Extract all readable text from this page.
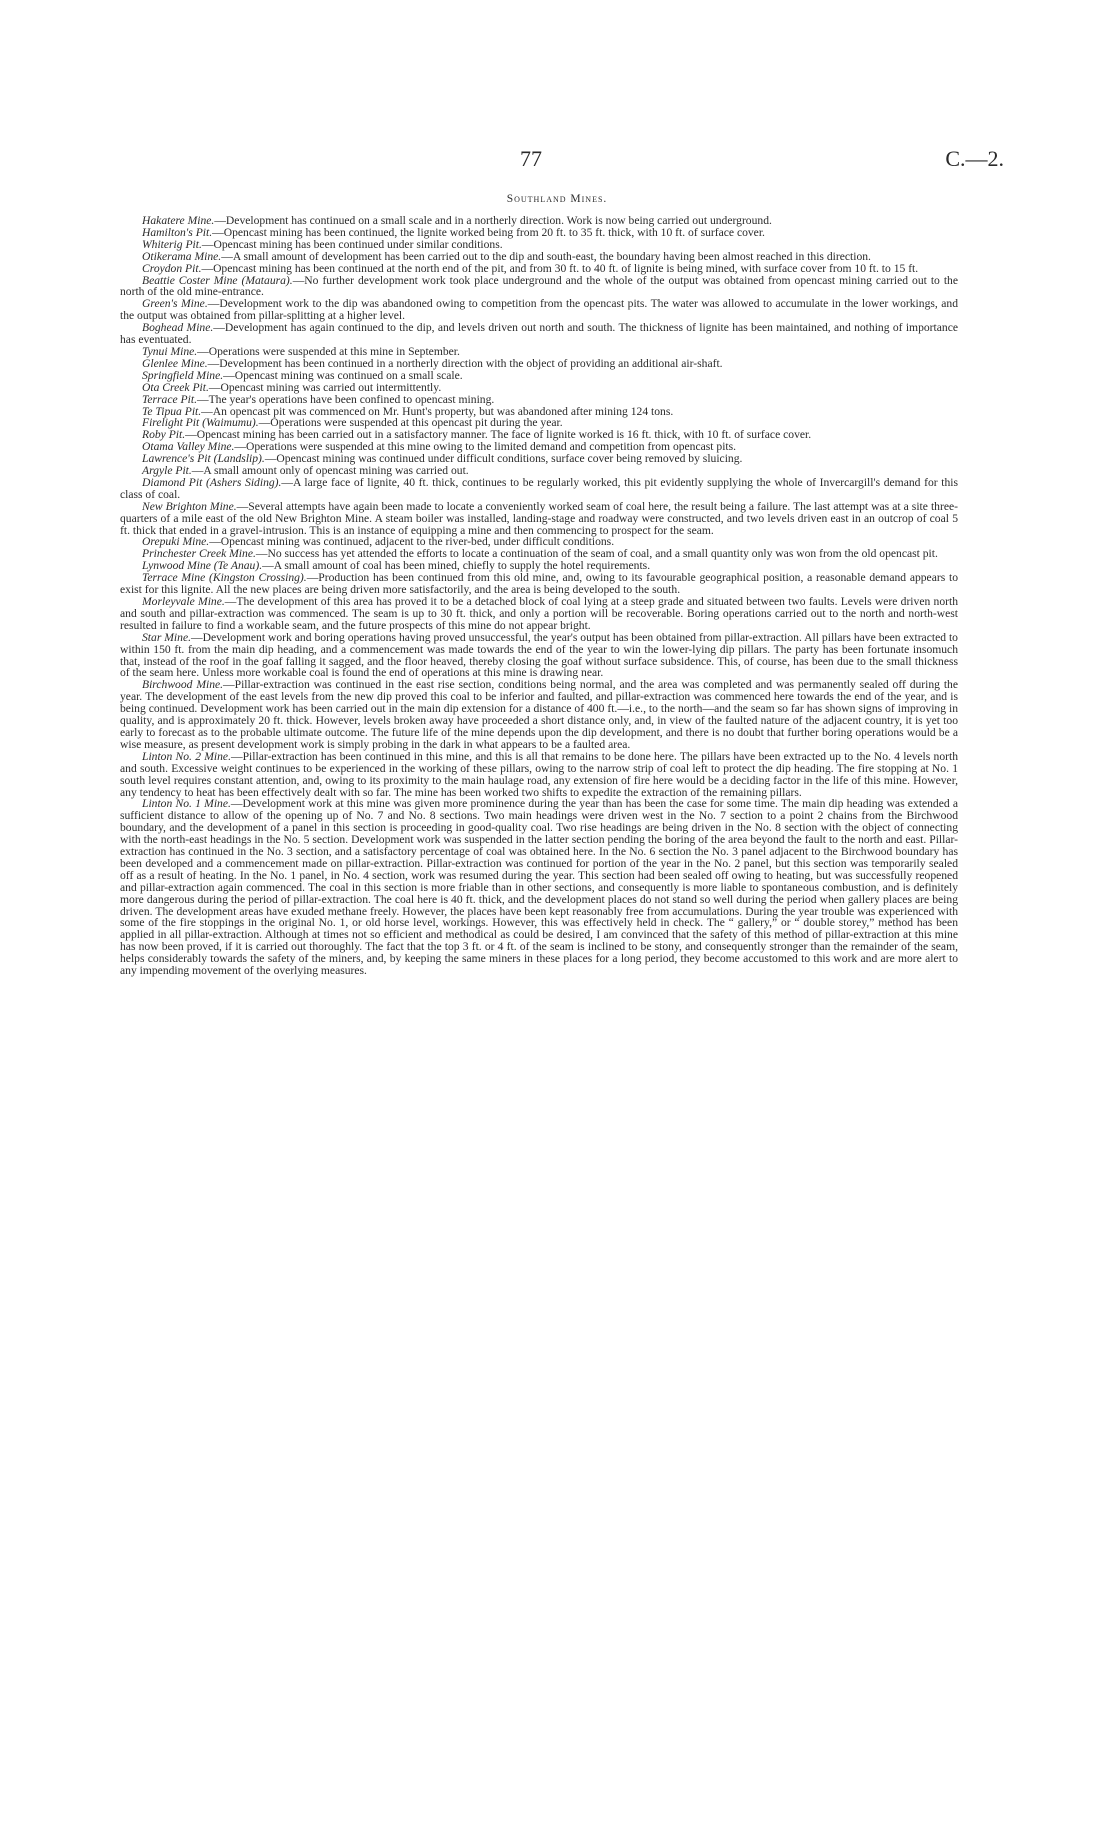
77	C.—2.
Southland Mines.

Hakatere Mine.—Development has continued on a small scale and in a northerly direction. Work is now being carried out underground.

Hamilton's Pit.—Opencast mining has been continued, the lignite worked being from 20 ft. to 35 ft. thick, with 10 ft. of surface cover.

Whiterig Pit.—Opencast mining has been continued under similar conditions.

Otikerama Mine.—A small amount of development has been carried out to the dip and south-east, the boundary having been almost reached in this direction.

Croydon Pit.—Opencast mining has been continued at the north end of the pit, and from 30 ft. to 40 ft. of lignite is being mined, with surface cover from 10 ft. to 15 ft.

Beattie Coster Mine (Mataura).—No further development work took place underground and the whole of the output was obtained from opencast mining carried out to the north of the old mine-entrance.

Green's Mine.—Development work to the dip was abandoned owing to competition from the opencast pits. The water was allowed to accumulate in the lower workings, and the output was obtained from pillar-splitting at a higher level.

Boghead Mine.—Development has again continued to the dip, and levels driven out north and south. The thickness of lignite has been maintained, and nothing of importance has eventuated.

Tynui Mine.—Operations were suspended at this mine in September.

Glenlee Mine.—Development has been continued in a northerly direction with the object of providing an additional air-shaft.

Springfield Mine.—Opencast mining was continued on a small scale.

Ota Creek Pit.—Opencast mining was carried out intermittently.

Terrace Pit.—The year's operations have been confined to opencast mining.

Te Tipua Pit.—An opencast pit was commenced on Mr. Hunt's property, but was abandoned after mining 124 tons.

Firelight Pit (Waimumu).—Operations were suspended at this opencast pit during the year.

Roby Pit.—Opencast mining has been carried out in a satisfactory manner. The face of lignite worked is 16 ft. thick, with 10 ft. of surface cover.

Otama Valley Mine.—Operations were suspended at this mine owing to the limited demand and competition from opencast pits.

Lawrence's Pit (Landslip).—Opencast mining was continued under difficult conditions, surface cover being removed by sluicing.

Argyle Pit.—A small amount only of opencast mining was carried out.

Diamond Pit (Ashers Siding).—A large face of lignite, 40 ft. thick, continues to be regularly worked, this pit evidently supplying the whole of Invercargill's demand for this class of coal.

New Brighton Mine.—Several attempts have again been made to locate a conveniently worked seam of coal here, the result being a failure. The last attempt was at a site three-quarters of a mile east of the old New Brighton Mine. A steam boiler was installed, landing-stage and roadway were constructed, and two levels driven east in an outcrop of coal 5 ft. thick that ended in a gravel-intrusion. This is an instance of equipping a mine and then commencing to prospect for the seam.

Orepuki Mine.—Opencast mining was continued, adjacent to the river-bed, under difficult conditions.

Princhester Creek Mine.—No success has yet attended the efforts to locate a continuation of the seam of coal, and a small quantity only was won from the old opencast pit.

Lynwood Mine (Te Anau).—A small amount of coal has been mined, chiefly to supply the hotel requirements.

Terrace Mine (Kingston Crossing).—Production has been continued from this old mine, and, owing to its favourable geographical position, a reasonable demand appears to exist for this lignite. All the new places are being driven more satisfactorily, and the area is being developed to the south.

Morleyvale Mine.—The development of this area has proved it to be a detached block of coal lying at a steep grade and situated between two faults. Levels were driven north and south and pillar-extraction was commenced. The seam is up to 30 ft. thick, and only a portion will be recoverable. Boring operations carried out to the north and north-west resulted in failure to find a workable seam, and the future prospects of this mine do not appear bright.

Star Mine.—Development work and boring operations having proved unsuccessful, the year's output has been obtained from pillar-extraction. All pillars have been extracted to within 150 ft. from the main dip heading, and a commencement was made towards the end of the year to win the lower-lying dip pillars. The party has been fortunate insomuch that, instead of the roof in the goaf falling it sagged, and the floor heaved, thereby closing the goaf without surface subsidence. This, of course, has been due to the small thickness of the seam here. Unless more workable coal is found the end of operations at this mine is drawing near.

Birchwood Mine.—Pillar-extraction was continued in the east rise section, conditions being normal, and the area was completed and was permanently sealed off during the year. The development of the east levels from the new dip proved this coal to be inferior and faulted, and pillar-extraction was commenced here towards the end of the year, and is being continued. Development work has been carried out in the main dip extension for a distance of 400 ft.—i.e., to the north—and the seam so far has shown signs of improving in quality, and is approximately 20 ft. thick. However, levels broken away have proceeded a short distance only, and, in view of the faulted nature of the adjacent country, it is yet too early to forecast as to the probable ultimate outcome. The future life of the mine depends upon the dip development, and there is no doubt that further boring operations would be a wise measure, as present development work is simply probing in the dark in what appears to be a faulted area.

Linton No. 2 Mine.—Pillar-extraction has been continued in this mine, and this is all that remains to be done here. The pillars have been extracted up to the No. 4 levels north and south. Excessive weight continues to be experienced in the working of these pillars, owing to the narrow strip of coal left to protect the dip heading. The fire stopping at No. 1 south level requires constant attention, and, owing to its proximity to the main haulage road, any extension of fire here would be a deciding factor in the life of this mine. However, any tendency to heat has been effectively dealt with so far. The mine has been worked two shifts to expedite the extraction of the remaining pillars.

Linton No. 1 Mine.—Development work at this mine was given more prominence during the year than has been the case for some time. The main dip heading was extended a sufficient distance to allow of the opening up of No. 7 and No. 8 sections. Two main headings were driven west in the No. 7 section to a point 2 chains from the Birchwood boundary, and the development of a panel in this section is proceeding in good-quality coal. Two rise headings are being driven in the No. 8 section with the object of connecting with the north-east headings in the No. 5 section. Development work was suspended in the latter section pending the boring of the area beyond the fault to the north and east. Pillar-extraction has continued in the No. 3 section, and a satisfactory percentage of coal was obtained here. In the No. 6 section the No. 3 panel adjacent to the Birchwood boundary has been developed and a commencement made on pillar-extraction. Pillar-extraction was continued for portion of the year in the No. 2 panel, but this section was temporarily sealed off as a result of heating. In the No. 1 panel, in No. 4 section, work was resumed during the year. This section had been sealed off owing to heating, but was successfully reopened and pillar-extraction again commenced. The coal in this section is more friable than in other sections, and consequently is more liable to spontaneous combustion, and is definitely more dangerous during the period of pillar-extraction. The coal here is 40 ft. thick, and the development places do not stand so well during the period when gallery places are being driven. The development areas have exuded methane freely. However, the places have been kept reasonably free from accumulations. During the year trouble was experienced with some of the fire stoppings in the original No. 1, or old horse level, workings. However, this was effectively held in check. The “ gallery,” or “ double storey,” method has been applied in all pillar-extraction. Although at times not so efficient and methodical as could be desired, I am convinced that the safety of this method of pillar-extraction at this mine has now been proved, if it is carried out thoroughly. The fact that the top 3 ft. or 4 ft. of the seam is inclined to be stony, and consequently stronger than the remainder of the seam, helps considerably towards the safety of the miners, and, by keeping the same miners in these places for a long period, they become accustomed to this work and are more alert to any impending movement of the overlying measures.
